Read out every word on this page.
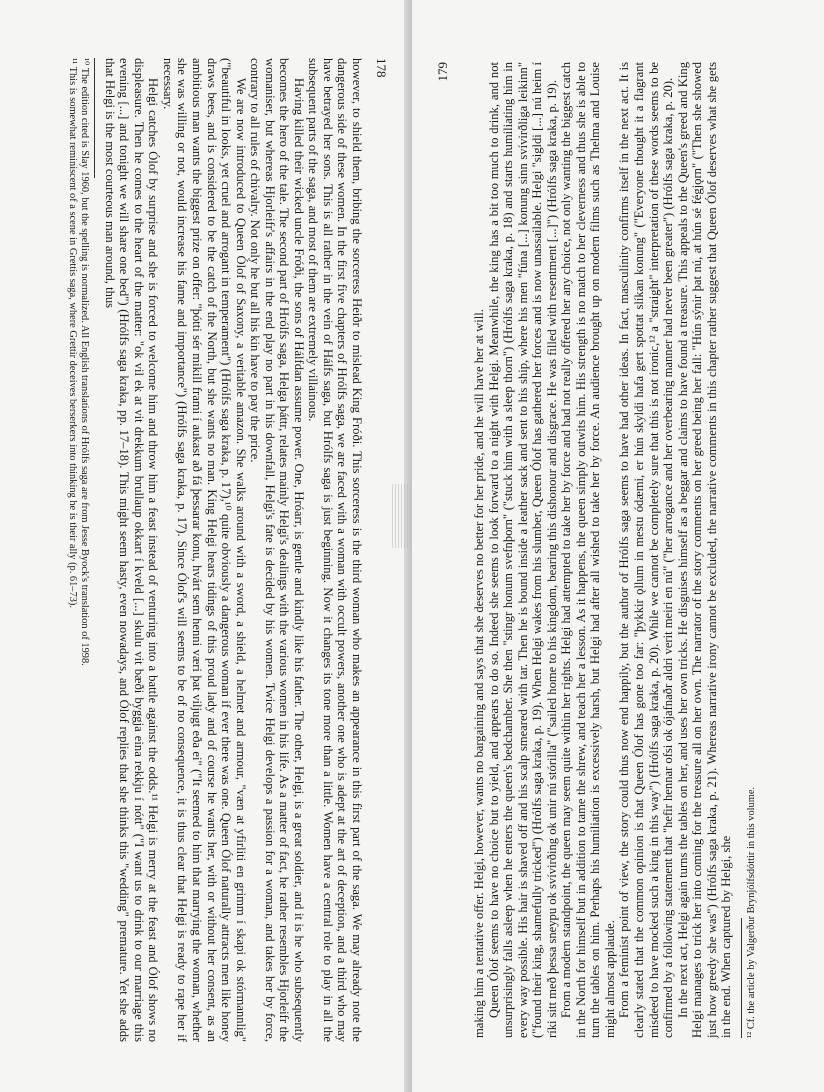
178

however, to shield them, bribing the sorceress Heiðr to mislead King Fróði. This sorceress is the third woman who makes an appearance in this first part of the saga. We may already note the dangerous side of these women. In the first five chapters of Hrólfs saga, we are faced with a woman with occult powers, another one who is adept at the art of deception, and a third who may have betrayed her sons. This is all rather in the vein of Hálfs saga, but Hrólfs saga is just beginning. Now it changes its tone more than a little. Women have a central role to play in all the subsequent parts of the saga, and most of them are extremely villainous.

Having killed their wicked uncle Fróði, the sons of Hálfdan assume power. One, Hróarr, is gentle and kindly like his father. The other, Helgi, is a great soldier, and it is he who subsequently becomes the hero of the tale. The second part of Hrólfs saga, Helga þáttr, relates mainly Helgi's dealings with the various women in his life. As a matter of fact, he rather resembles Hjorleifr the womaniser, but whereas Hjorleifr's affairs in the end play no part in his downfall, Helgi's fate is decided by his women. Twice Helgi develops a passion for a woman, and takes her by force, contrary to all rules of chivalry. Not only he but all his kin have to pay the price.

We are now introduced to Queen Ólof of Saxony, a veritable amazon. She walks around with a sword, a shield, a helmet and armour, "væn at yfirliti en grimm í skapi ok stórmannlig" ("beautiful in looks, yet cruel and arrogant in temperament") (Hrólfs saga kraka, p. 17),¹⁰ quite obviously a dangerous woman if ever there was one. Queen Ólof naturally attracts men like honey draws bees, and is considered to be the catch of the North, but she wants no man. King Helgi hears tidings of this proud lady and of course he wants her, with or without her consent, as an ambitious man wants the biggest prize on offer: "þótti sér mikill frami í aukast að fá þessarar konu, hvárt sem henni væri þat viljugt eða ei" ("It seemed to him that marrying the woman, whether she was willing or not, would increase his fame and importance") (Hrólfs saga kraka, p. 17). Since Ólof's will seems to be of no consequence, it is thus clear that Helgi is ready to rape her if necessary.

Helgi catches Ólof by surprise and she is forced to welcome him and throw him a feast instead of venturing into a battle against the odds.¹¹ Helgi is merry at the feast and Ólof shows no displeasure. Then he comes to the heart of the matter: "ok vil ek at vit drekkum brullaup okkart í kveld [...] skulu vit bæði byggja eina rekkju í nótt" ("I want us to drink to our marriage this evening [...] and tonight we will share one bed") (Hrólfs saga kraka, pp. 17–18). This might seem hasty, even nowadays, and Ólof replies that she thinks this "wedding" premature. Yet she adds that Helgi is the most courteous man around, thus

¹⁰ The edition cited is Slay 1960, but the spelling is normalized. All English translations of Hrólfs saga are from Jesse Byock's translation of 1998.

¹¹ This is somewhat reminiscent of a scene in Grettis saga, where Grettir deceives berserkers into thinking he is their ally (p. 61–73).	179

making him a tentative offer. Helgi, however, wants no bargaining and says that she deserves no better for her pride, and he will have her at will. Queen Ólof seems to have no choice but to yield, and appears to do so. Indeed she seems to look forward to a night with Helgi. Meanwhile, the king has a bit too much to drink, and not unsurprisingly falls asleep when he enters the queen's bedchamber. She then "stingr honum svefnþorn" ("stuck him with a sleep thorn") (Hrólfs saga kraka, p. 18) and starts humiliating him in every way possible. His hair is shaved off and his scalp smeared with tar. Then he is bound inside a leather sack and sent to his ship, where his men "fúna [...] konung sinn svívirðliga leikinn" ("found their king, shamefully tricked") (Hrólfs saga kraka, p. 19). When Helgi wakes from his slumber, Queen Ólof has gathered her forces and is now unassailable. Helgi "sigldi [...] nú heim í ríki sitt með þessa sneypu ok svívirðing ok unir nú stórilla" ("sailed home to his kingdom, bearing this dishonour and disgrace. He was filled with resentment [...]") (Hrólfs saga kraka, p. 19). From a modern standpoint, the queen may seem quite within her rights. Helgi had attempted to take her by force and had not really offered her any choice, not only wanting the biggest catch in the North for himself but in addition to tame the shrew, and teach her a lesson. As it happens, the queen simply outwits him. His strength is no match to her cleverness and thus she is able to turn the tables on him. Perhaps his humiliation is excessively harsh, but Helgi had after all wished to take her by force. An audience brought up on modern films such as Thelma and Louise might almost applaude. From a feminist point of view, the story could thus now end happily, but the author of Hrólfs saga seems to have had other ideas. In fact, masculinity confirms itself in the next act. It is clearly stated that the common opinion is that Queen Ólof has gone too far: "þykkir ǫllum in mestu ódæmi, er hún skyldi hafa gert spottat slíkan konung" ("Everyone thought it a flagrant misdeed to have mocked such a king in this way") (Hrólfs saga kraka, p. 20). While we cannot be completely sure that this is not ironic,¹² a "straight" interpretation of these words seems to be confirmed by a following statement that "hefir hennar ofsi ok ójafnaðr aldri verit meiri en nú" ("her arrogance and her overbearing manner had never been greater") (Hrólfs saga kraka, p. 20). In the next act, Helgi again turns the tables on her, and uses her own tricks. He disguises himself as a beggar and claims to have found a treasure. This appeals to the Queen's greed and King Helgi manages to trick her into coming for the treasure all on her own. The narrator of the story comments on her greed being her fall: "Hún sýnir þat nú, at hún sé fégjǫrn" ("Then she showed just how greedy she was") (Hrólfs saga kraka, p. 21). Whereas narrative irony cannot be excluded, the narrative comments in this chapter rather suggest that Queen Ólof deserves what she gets in the end. When captured by Helgi, she ¹² Cf. the article by Valgerður Brynjólfsdóttir in this volume.
